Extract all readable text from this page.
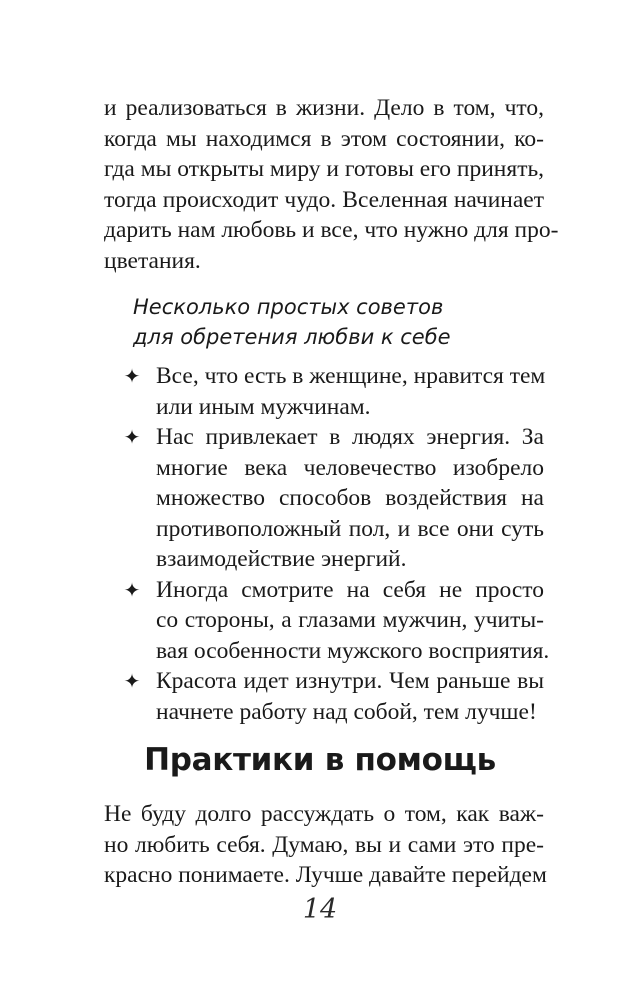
и реализоваться в жизни. Дело в том, что,
когда мы находимся в этом состоянии, ко-
гда мы открыты миру и готовы его принять,
тогда происходит чудо. Вселенная начинает
дарить нам любовь и все, что нужно для про-
цветания.
Несколько простых советов
для обретения любви к себе
✦ Все, что есть в женщине, нравится тем
или иным мужчинам.
✦ Нас привлекает в людях энергия. За
многие века человечество изобрело
множество способов воздействия на
противоположный пол, и все они суть
взаимодействие энергий.
✦ Иногда смотрите на себя не просто
со стороны, а глазами мужчин, учиты-
вая особенности мужского восприятия.
✦ Красота идет изнутри. Чем раньше вы
начнете работу над собой, тем лучше!
Практики в помощь
Не буду долго рассуждать о том, как важ-
но любить себя. Думаю, вы и сами это пре-
красно понимаете. Лучше давайте перейдем
14
